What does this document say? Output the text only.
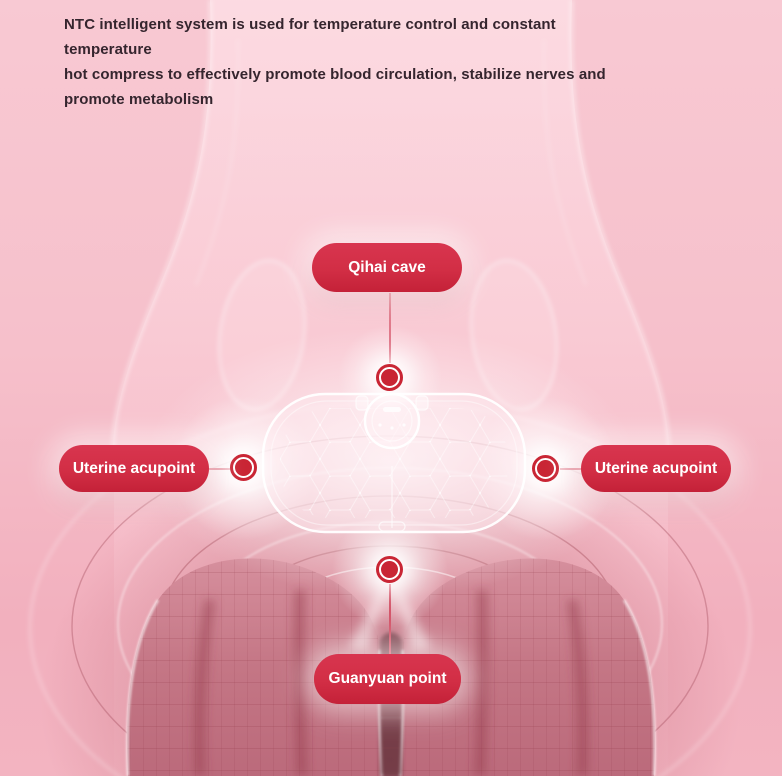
NTC intelligent system is used for temperature control and constant temperature
hot compress to effectively promote blood circulation, stabilize nerves and
promote metabolism
Qihai cave
Uterine acupoint	Uterine acupoint
Guanyuan point
